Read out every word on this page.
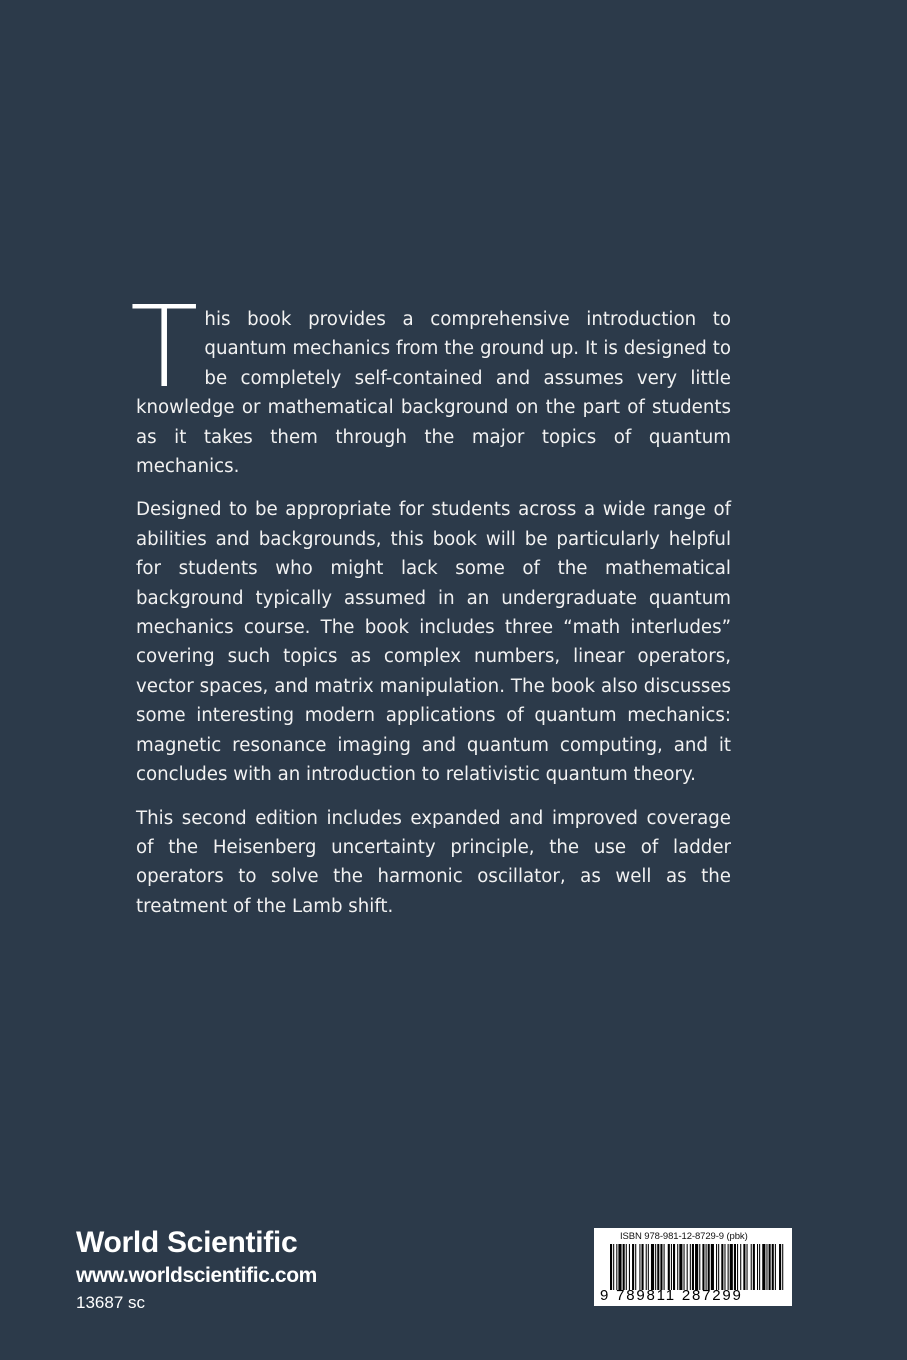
This book provides a comprehensive introduction to quantum mechanics from the ground up. It is designed to be completely self-contained and assumes very little knowledge or mathematical background on the part of students as it takes them through the major topics of quantum mechanics.

Designed to be appropriate for students across a wide range of abilities and backgrounds, this book will be particularly helpful for students who might lack some of the mathematical background typically assumed in an undergraduate quantum mechanics course. The book includes three “math interludes” covering such topics as complex numbers, linear operators, vector spaces, and matrix manipulation. The book also discusses some interesting modern applications of quantum mechanics: magnetic resonance imaging and quantum computing, and it concludes with an introduction to relativistic quantum theory.

This second edition includes expanded and improved coverage of the Heisenberg uncertainty principle, the use of ladder operators to solve the harmonic oscillator, as well as the treatment of the Lamb shift.

World Scientific
www.worldscientific.com
13687 sc
ISBN 978-981-12-8729-9 (pbk)
9 789811 287299
